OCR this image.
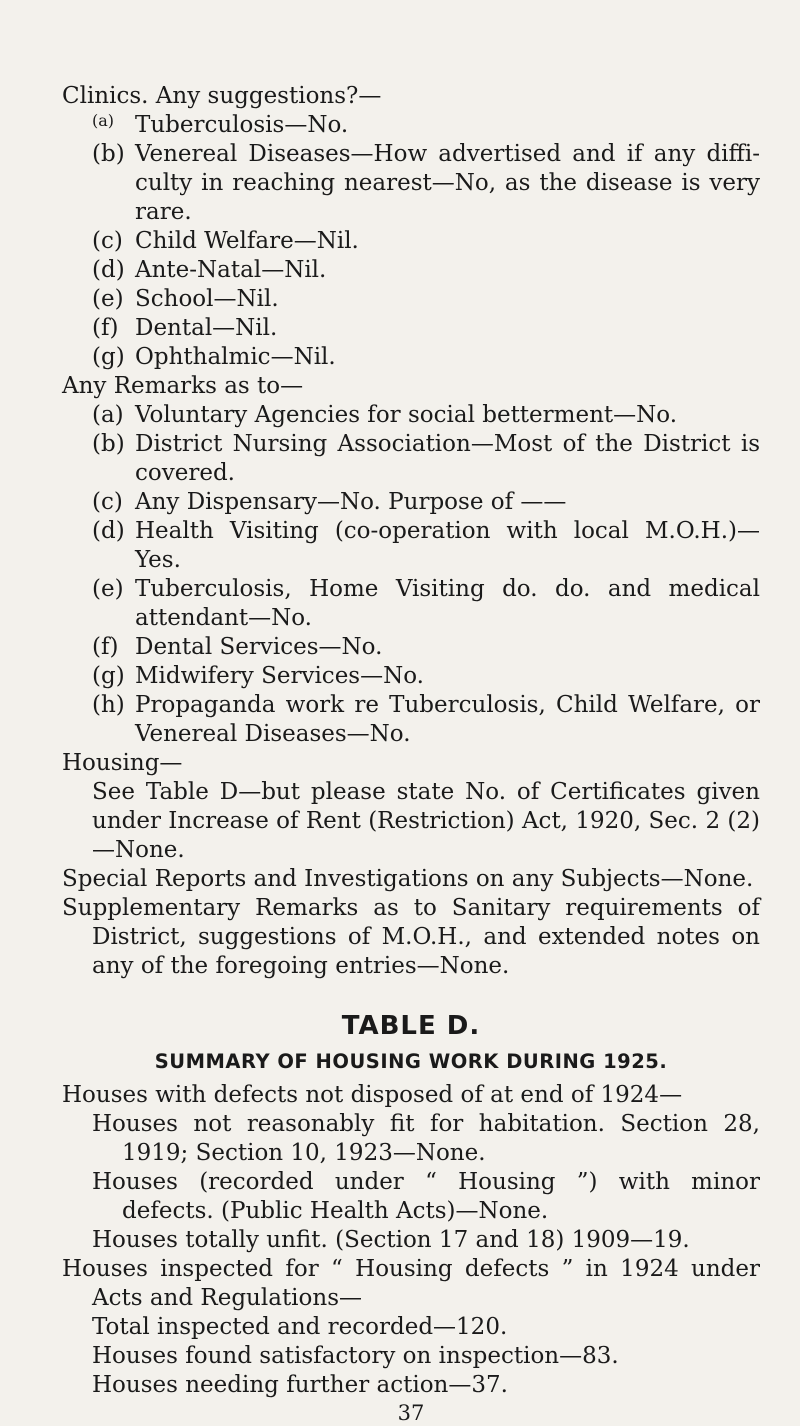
Clinics. Any suggestions?—

(a) Tuberculosis—No.
(b) Venereal Diseases—How advertised and if any diffi-culty in reaching nearest—No, as the disease is very rare.
(c) Child Welfare—Nil.
(d) Ante-Natal—Nil.
(e) School—Nil.
(f) Dental—Nil.
(g) Ophthalmic—Nil.

Any Remarks as to—

(a) Voluntary Agencies for social betterment—No.
(b) District Nursing Association—Most of the District is covered.
(c) Any Dispensary—No. Purpose of ——
(d) Health Visiting (co-operation with local M.O.H.)— Yes.
(e) Tuberculosis, Home Visiting do. do. and medical attendant—No.
(f) Dental Services—No.
(g) Midwifery Services—No.
(h) Propaganda work re Tuberculosis, Child Welfare, or Venereal Diseases—No.

Housing—

See Table D—but please state No. of Certificates given under Increase of Rent (Restriction) Act, 1920, Sec. 2 (2)—None.

Special Reports and Investigations on any Subjects—None.

Supplementary Remarks as to Sanitary requirements of District, suggestions of M.O.H., and extended notes on any of the foregoing entries—None.

TABLE D.
SUMMARY OF HOUSING WORK DURING 1925.

Houses with defects not disposed of at end of 1924—

Houses not reasonably fit for habitation. Section 28, 1919; Section 10, 1923—None.

Houses (recorded under “ Housing ”) with minor defects. (Public Health Acts)—None.

Houses totally unfit. (Section 17 and 18) 1909—19.

Houses inspected for “ Housing defects ” in 1924 under Acts and Regulations—

Total inspected and recorded—120.

Houses found satisfactory on inspection—83.

Houses needing further action—37.

37
